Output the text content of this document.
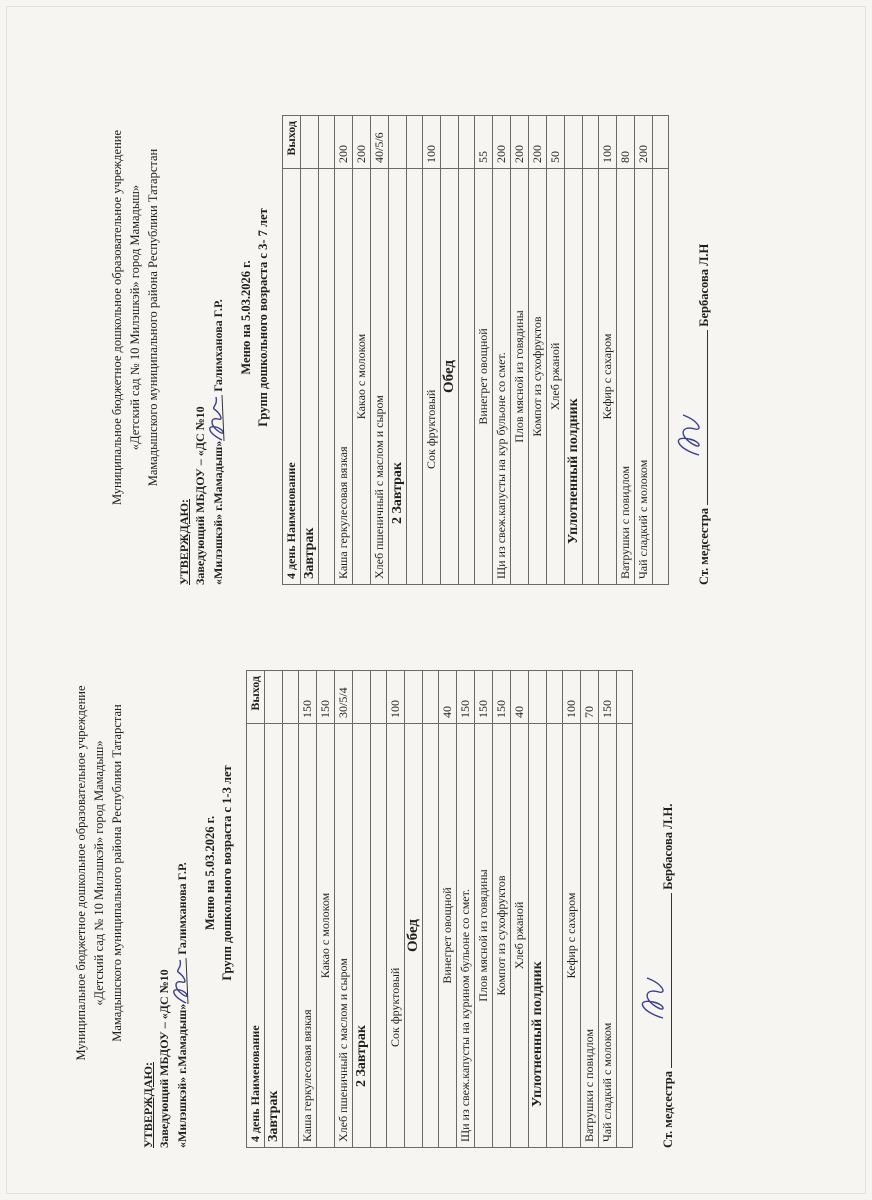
Муниципальное бюджетное дошкольное образовательное учреждение «Детский сад № 10 Милэшкэй» город Мамадыш» Мамадышского муниципального района Республики Татарстан
УТВЕРЖДАЮ: Заведующий МБДОУ – «ДС №10 «Милэшкэй» г.Мамадыш»
Галимханова Г.Р. Меню на 5.03.2026 г. Групп дошкольного возраста с 3- 7 лет
4 день Наименование	Выход
Завтрак	

Каша геркулесовая вязкая	200
Какао с молоком	200
Хлеб пшеничный с маслом и сыром	40/5/6
2 Завтрак	

Сок фруктовый	100
Обед	

Винегрет овощной	55
Щи из свеж.капусты на кур бульоне со смет.	200
Плов мясной из говядины	200
Компот из сухофруктов	200
Хлеб ржаной	50
Уплотненный полдник	

Кефир с сахаром	100
Ватрушки с повидлом	80
Чай сладкий с молоком	200

Ст. медсестра
Бербасова Л.Н
Муниципальное бюджетное дошкольное образовательное учреждение «Детский сад № 10 Милэшкэй» город Мамадыш» Мамадышского муниципального района Республики Татарстан
УТВЕРЖДАЮ: Заведующий МБДОУ – «ДС №10 «Милэшкэй» г.Мамадыш»
Галимханова Г.Р. Меню на 5.03.2026 г. Групп дошкольного возраста с 1-3 лет
4 день Наименование	Выход
Завтрак	

Каша геркулесовая вязкая	150
Какао с молоком	150
Хлеб пшеничный с маслом и сыром	30/5/4
2 Завтрак	

Сок фруктовый	100
Обед	

Винегрет овощной	40
Щи из свеж.капусты на курином бульоне со смет.	150
Плов мясной из говядины	150
Компот из сухофруктов	150
Хлеб ржаной	40
Уплотненный полдник	

Кефир с сахаром	100
Ватрушки с повидлом	70
Чай сладкий с молоком	150

Ст. медсестра
Бербасова Л.Н.
